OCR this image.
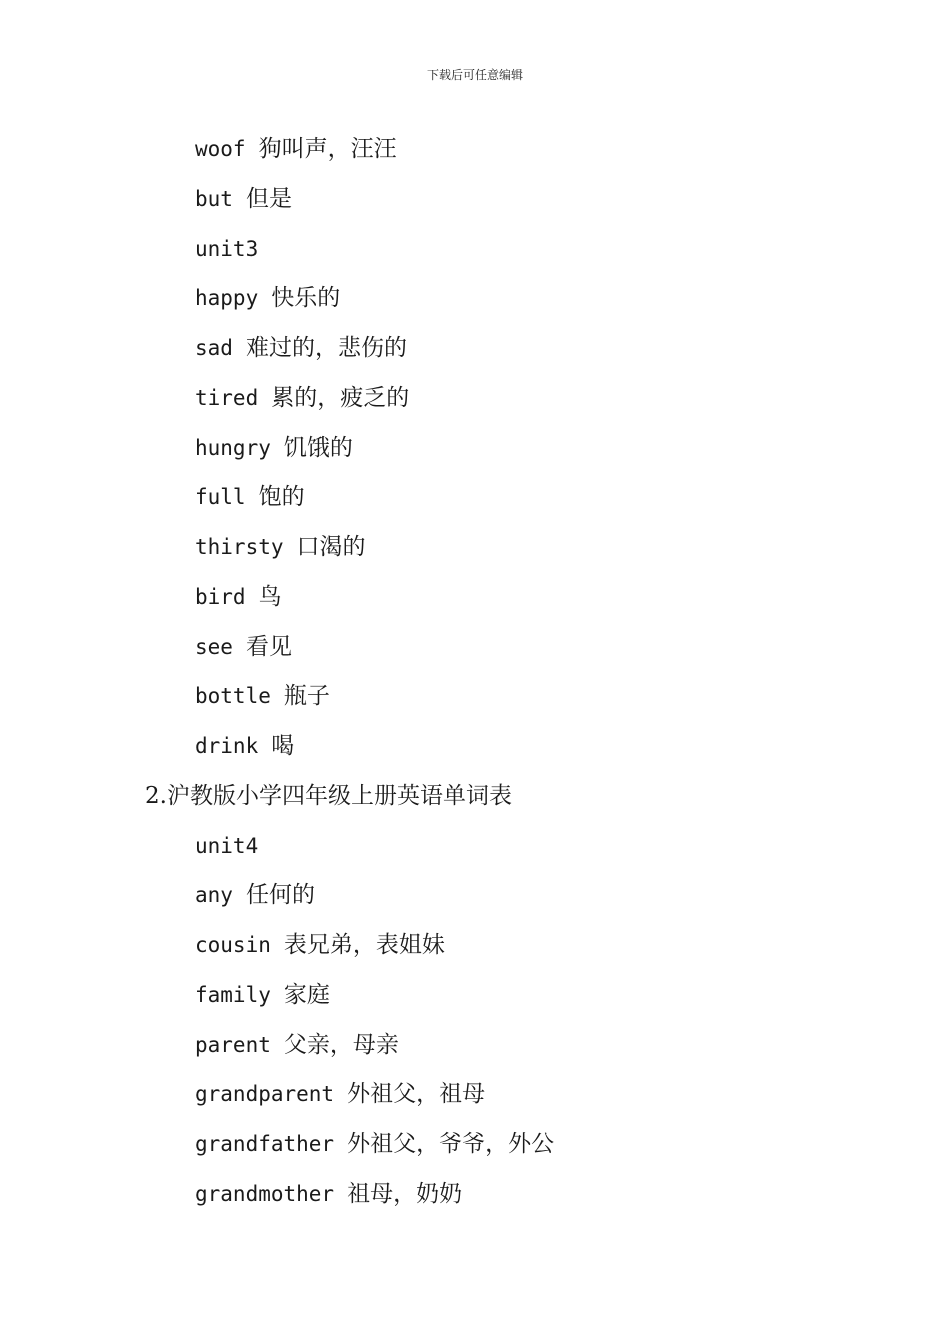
下载后可任意编辑
woof 狗叫声，汪汪
but 但是
unit3
happy 快乐的
sad 难过的，悲伤的
tired 累的，疲乏的
hungry 饥饿的
full 饱的
thirsty 口渴的
bird 鸟
see 看见
bottle 瓶子
drink 喝
2.沪教版小学四年级上册英语单词表
unit4
any 任何的
cousin 表兄弟，表姐妹
family 家庭
parent 父亲，母亲
grandparent 外祖父，祖母
grandfather 外祖父，爷爷，外公
grandmother 祖母，奶奶
